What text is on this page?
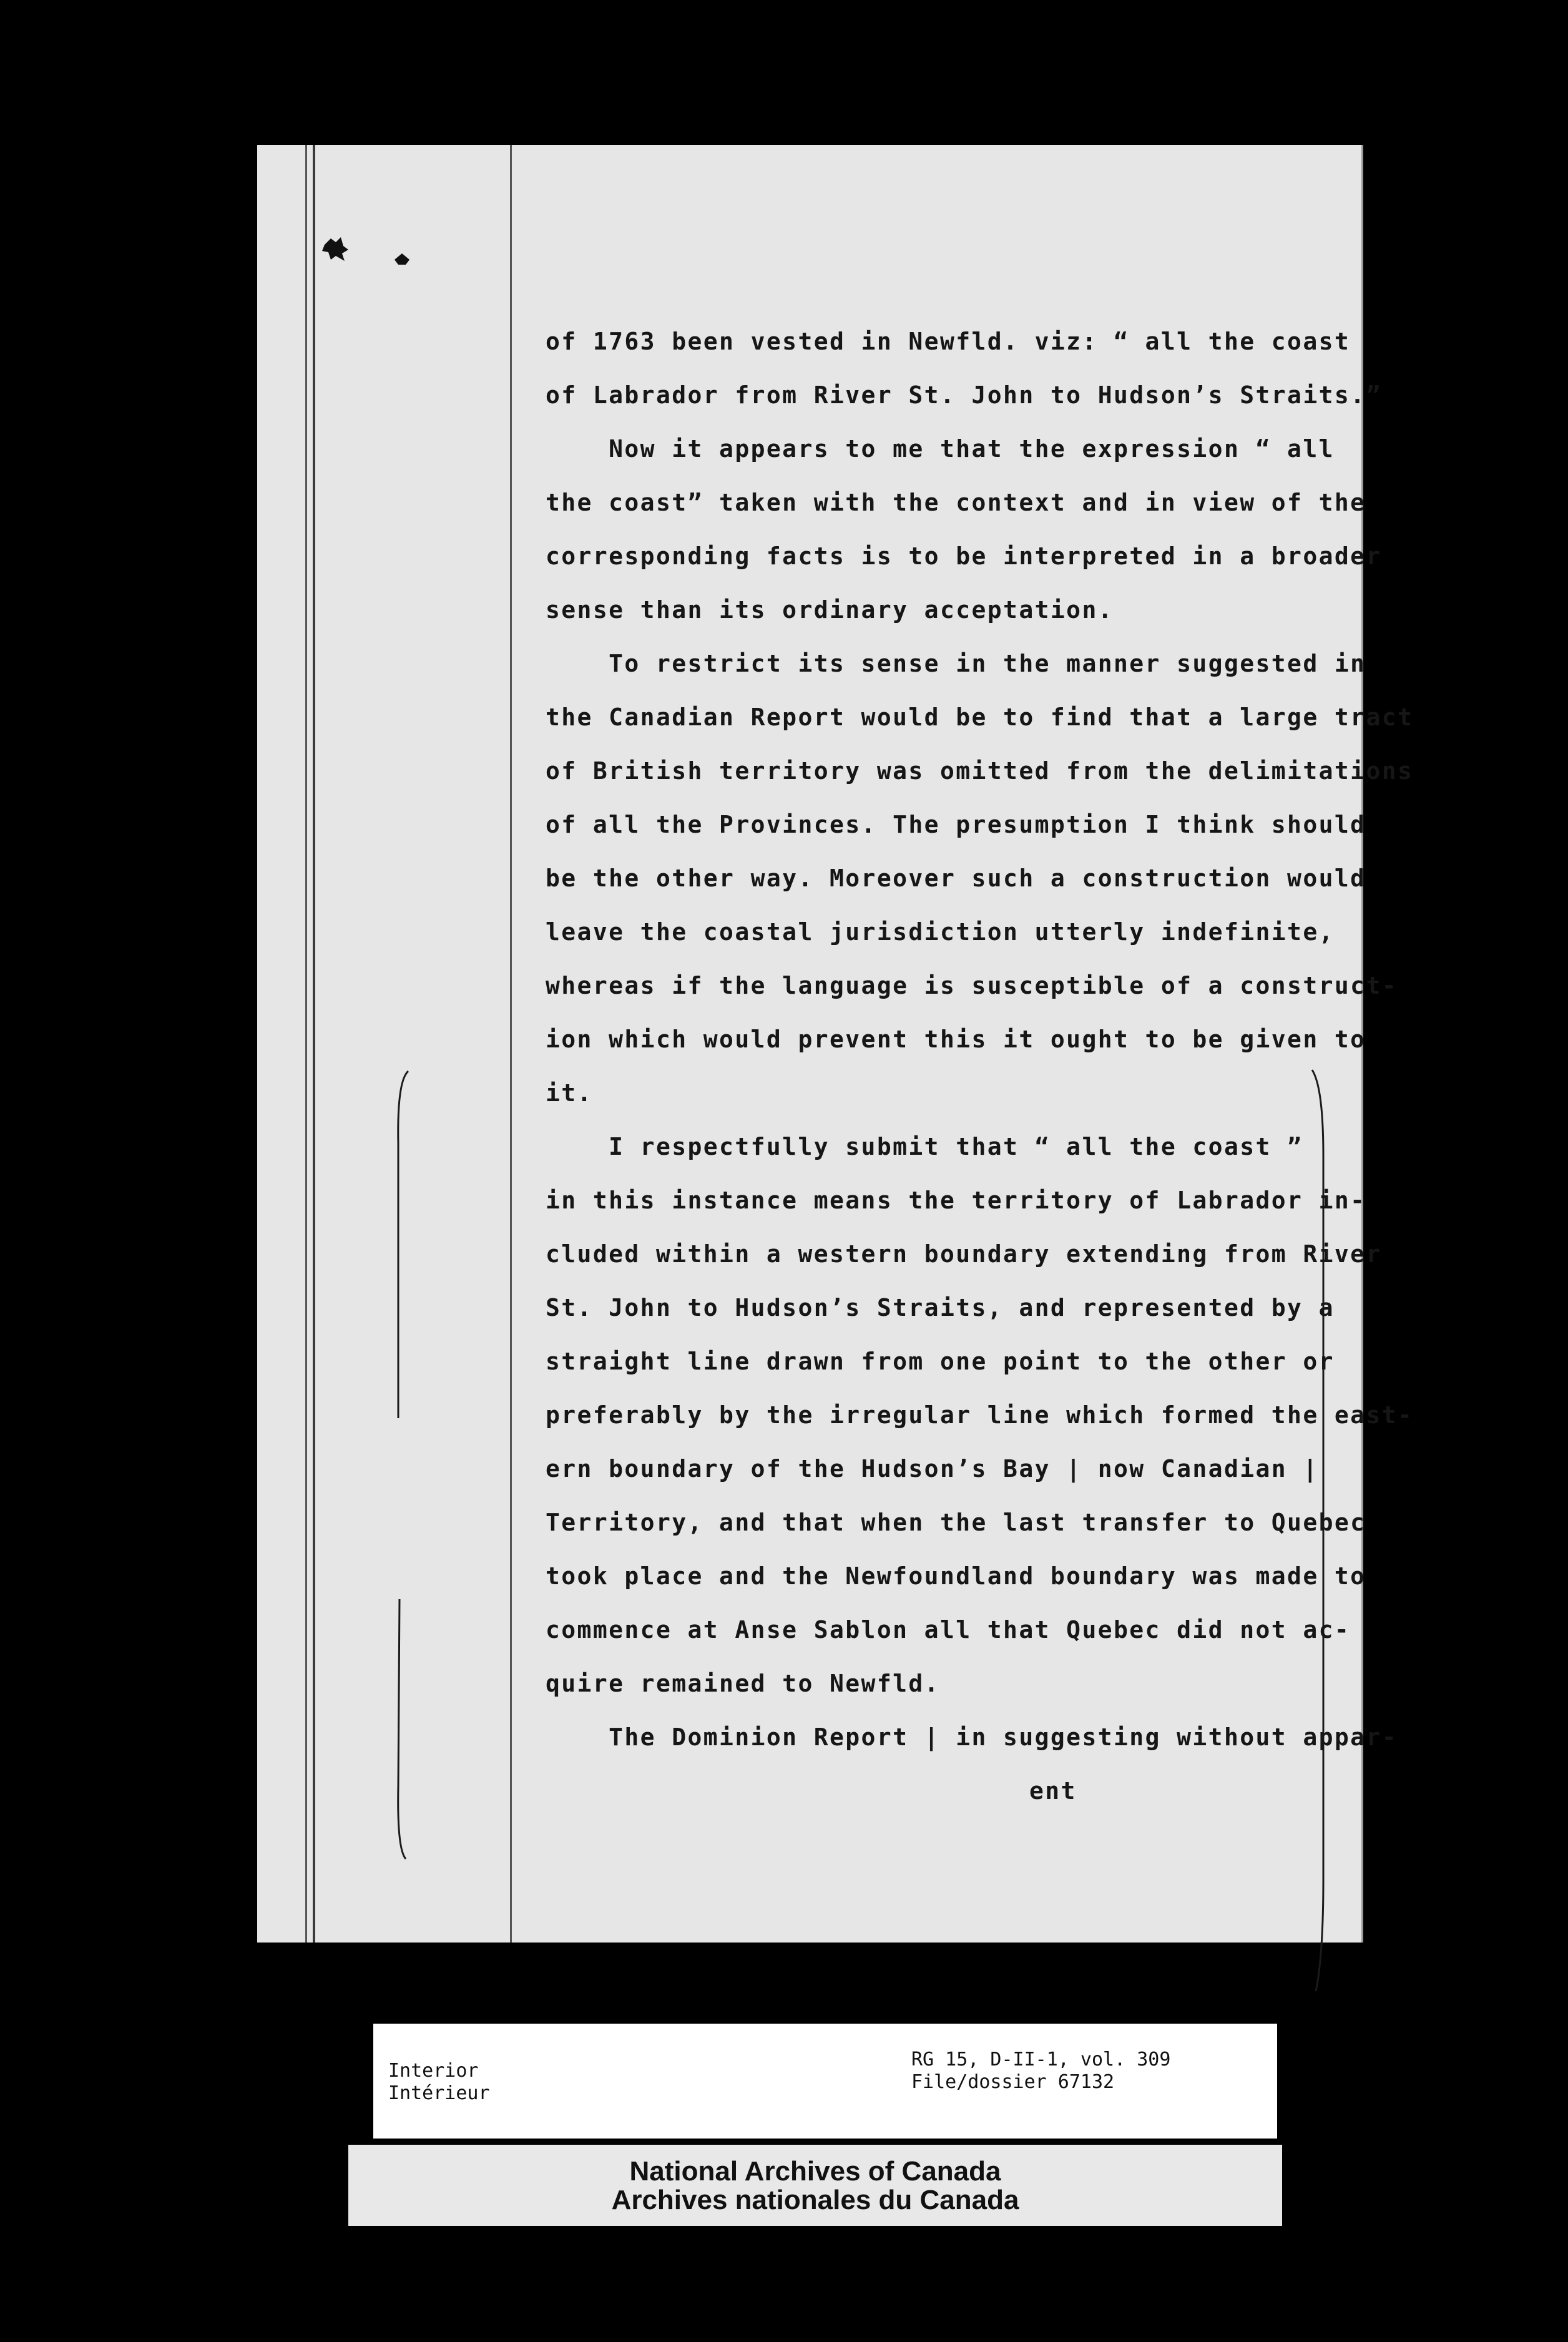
of 1763 been vested in Newfld. viz: “ all the coast
of Labrador from River St. John to Hudson’s Straits.”
Now it appears to me that the expression “ all
the coast” taken with the context and in view of the
corresponding facts is to be interpreted in a broader
sense than its ordinary acceptation.
To restrict its sense in the manner suggested in
the Canadian Report would be to find that a large tract
of British territory was omitted from the delimitations
of all the Provinces. The presumption I think should
be the other way. Moreover such a construction would
leave the coastal jurisdiction utterly indefinite,
whereas if the language is susceptible of a construct-
ion which would prevent this it ought to be given to
it.
I respectfully submit that “ all the coast ”
in this instance means the territory of Labrador in-
cluded within a western boundary extending from River
St. John to Hudson’s Straits, and represented by a
straight line drawn from one point to the other or
preferably by the irregular line which formed the east-
ern boundary of the Hudson’s Bay | now Canadian |
Territory, and that when the last transfer to Quebec
took place and the Newfoundland boundary was made to
commence at Anse Sablon all that Quebec did not ac-
quire remained to Newfld.
The Dominion Report | in suggesting without appar-
ent
Interior
Intérieur
RG 15, D-II-1, vol. 309
File/dossier 67132
National Archives of Canada
Archives nationales du Canada
